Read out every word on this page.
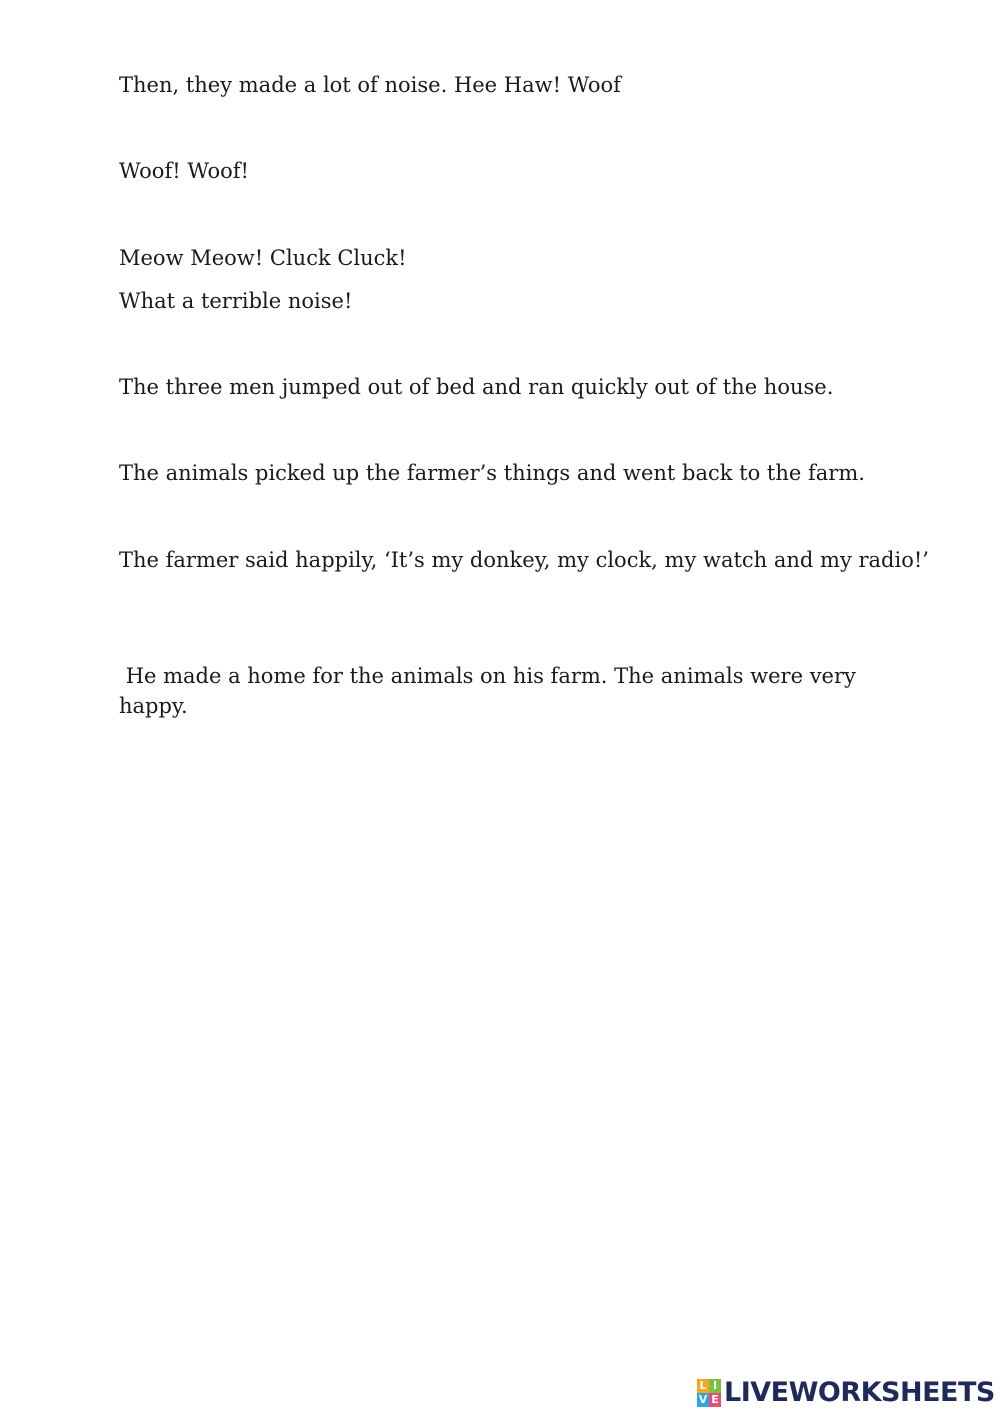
Then, they made a lot of noise. Hee Haw! Woof
Woof! Woof!
Meow Meow! Cluck Cluck!
What a terrible noise!
The three men jumped out of bed and ran quickly out of the house.
The animals picked up the farmer’s things and went back to the farm.
The farmer said happily, ‘It’s my donkey, my clock, my watch and my radio!’
He made a home for the animals on his farm. The animals were very happy.
L I
V E LIVEWORKSHEETS
